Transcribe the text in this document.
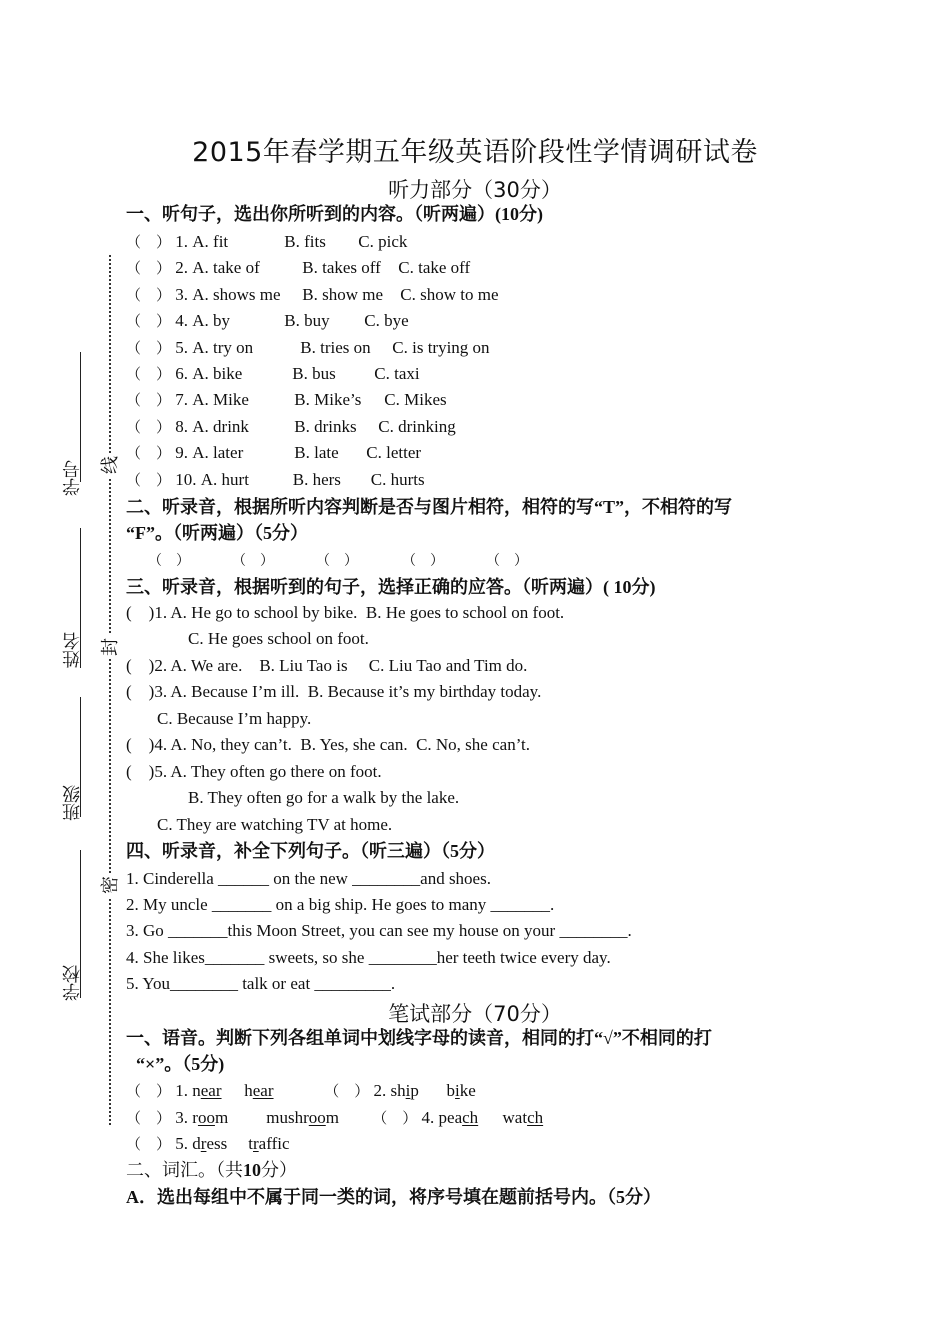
学号
姓名
班级
学校
线
封
密
2015年春学期五年级英语阶段性学情调研试卷
听力部分（30分）
一、听句子，选出你所听到的内容。（听两遍）(10分)
（　） 1. A. fit	B. fits C. pick
（　） 2. A. take of B. takes off C. take off
（　） 3. A. shows me B. show me C. show to me
（　） 4. A. by	B. buy C. bye
（　） 5. A. try on	B. tries on C. is trying on
（　） 6. A. bike	B. bus C. taxi
（　） 7. A. Mike	B. Mike’s C. Mikes
（　） 8. A. drink	B. drinks C. drinking
（　） 9. A. later	B. late C. letter
（　） 10. A. hurt	B. hers C. hurts
二、听录音，根据所听内容判断是否与图片相符，相符的写“T”，不相符的写
“F”。（听两遍）（5分）
（　）	（　）	（　）	（　）	（　）
三、听录音，根据听到的句子，选择正确的应答。（听两遍）( 10分)
(    )1. A. He go to school by bike.  B. He goes to school on foot.
C. He goes school on foot.
(    )2. A. We are.    B. Liu Tao is     C. Liu Tao and Tim do.
(    )3. A. Because I’m ill.  B. Because it’s my birthday today.
C. Because I’m happy.
(    )4. A. No, they can’t.  B. Yes, she can.  C. No, she can’t.
(    )5. A. They often go there on foot.
B. They often go for a walk by the lake.
C. They are watching TV at home.
四、听录音，补全下列句子。（听三遍）（5分）
1. Cinderella ______ on the new ________and shoes.
2. My uncle _______ on a big ship. He goes to many _______.
3. Go _______this Moon Street, you can see my house on your ________.
4. She likes_______ sweets, so she ________her teeth twice every day.
5. You________ talk or eat _________.
笔试部分（70分）
一、语音。判断下列各组单词中划线字母的读音，相同的打“√”不相同的打
“×”。（5分)
（　） 1. near hear	（　） 2. ship bike
（　） 3. room mushroom （　） 4. peach watch
（　） 5. dress traffic
二、词汇。（共10分）
A．选出每组中不属于同一类的词，将序号填在题前括号内。（5分）
